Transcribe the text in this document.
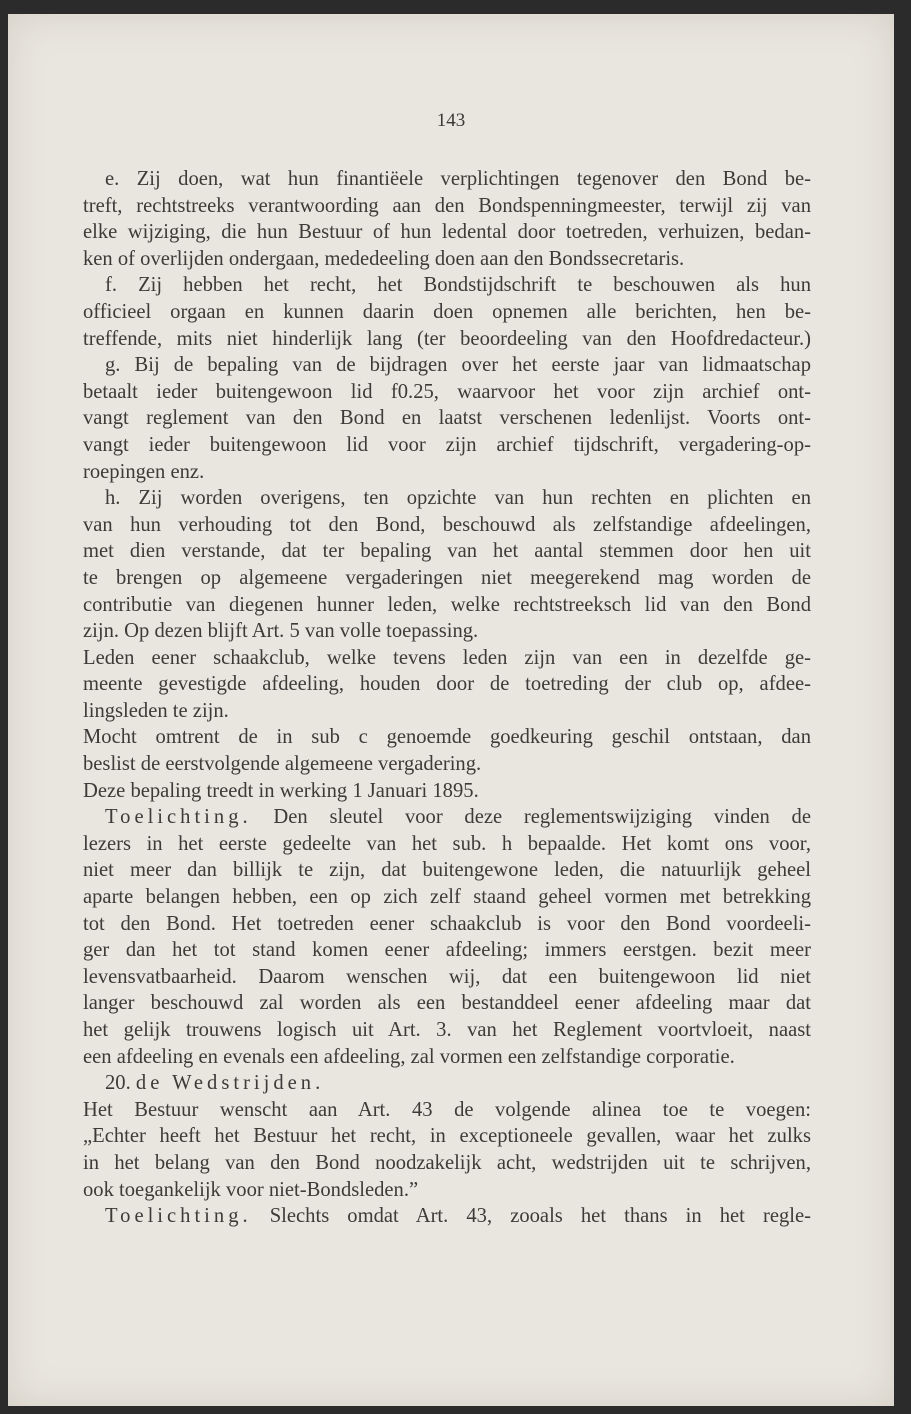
143
e. Zij doen, wat hun finantiëele verplichtingen tegenover den Bond be-
treft, rechtstreeks verantwoording aan den Bondspenningmeester, terwijl zij van
elke wijziging, die hun Bestuur of hun ledental door toetreden, verhuizen, bedan-
ken of overlijden ondergaan, mededeeling doen aan den Bondssecretaris.
f. Zij hebben het recht, het Bondstijdschrift te beschouwen als hun
officieel orgaan en kunnen daarin doen opnemen alle berichten, hen be-
treffende, mits niet hinderlijk lang (ter beoordeeling van den Hoofdredacteur.)
g. Bij de bepaling van de bijdragen over het eerste jaar van lidmaatschap
betaalt ieder buitengewoon lid f0.25, waarvoor het voor zijn archief ont-
vangt reglement van den Bond en laatst verschenen ledenlijst. Voorts ont-
vangt ieder buitengewoon lid voor zijn archief tijdschrift, vergadering-op-
roepingen enz.
h. Zij worden overigens, ten opzichte van hun rechten en plichten en
van hun verhouding tot den Bond, beschouwd als zelfstandige afdeelingen,
met dien verstande, dat ter bepaling van het aantal stemmen door hen uit
te brengen op algemeene vergaderingen niet meegerekend mag worden de
contributie van diegenen hunner leden, welke rechtstreeksch lid van den Bond
zijn. Op dezen blijft Art. 5 van volle toepassing.
Leden eener schaakclub, welke tevens leden zijn van een in dezelfde ge-
meente gevestigde afdeeling, houden door de toetreding der club op, afdee-
lingsleden te zijn.
Mocht omtrent de in sub c genoemde goedkeuring geschil ontstaan, dan
beslist de eerstvolgende algemeene vergadering.
Deze bepaling treedt in werking 1 Januari 1895.
Toelichting. Den sleutel voor deze reglementswijziging vinden de
lezers in het eerste gedeelte van het sub. h bepaalde. Het komt ons voor,
niet meer dan billijk te zijn, dat buitengewone leden, die natuurlijk geheel
aparte belangen hebben, een op zich zelf staand geheel vormen met betrekking
tot den Bond. Het toetreden eener schaakclub is voor den Bond voordeeli-
ger dan het tot stand komen eener afdeeling; immers eerstgen. bezit meer
levensvatbaarheid. Daarom wenschen wij, dat een buitengewoon lid niet
langer beschouwd zal worden als een bestanddeel eener afdeeling maar dat
het gelijk trouwens logisch uit Art. 3. van het Reglement voortvloeit, naast
een afdeeling en evenals een afdeeling, zal vormen een zelfstandige corporatie.
20. de Wedstrijden.
Het Bestuur wenscht aan Art. 43 de volgende alinea toe te voegen:
„Echter heeft het Bestuur het recht, in exceptioneele gevallen, waar het zulks
in het belang van den Bond noodzakelijk acht, wedstrijden uit te schrijven,
ook toegankelijk voor niet-Bondsleden.”
Toelichting. Slechts omdat Art. 43, zooals het thans in het regle-
